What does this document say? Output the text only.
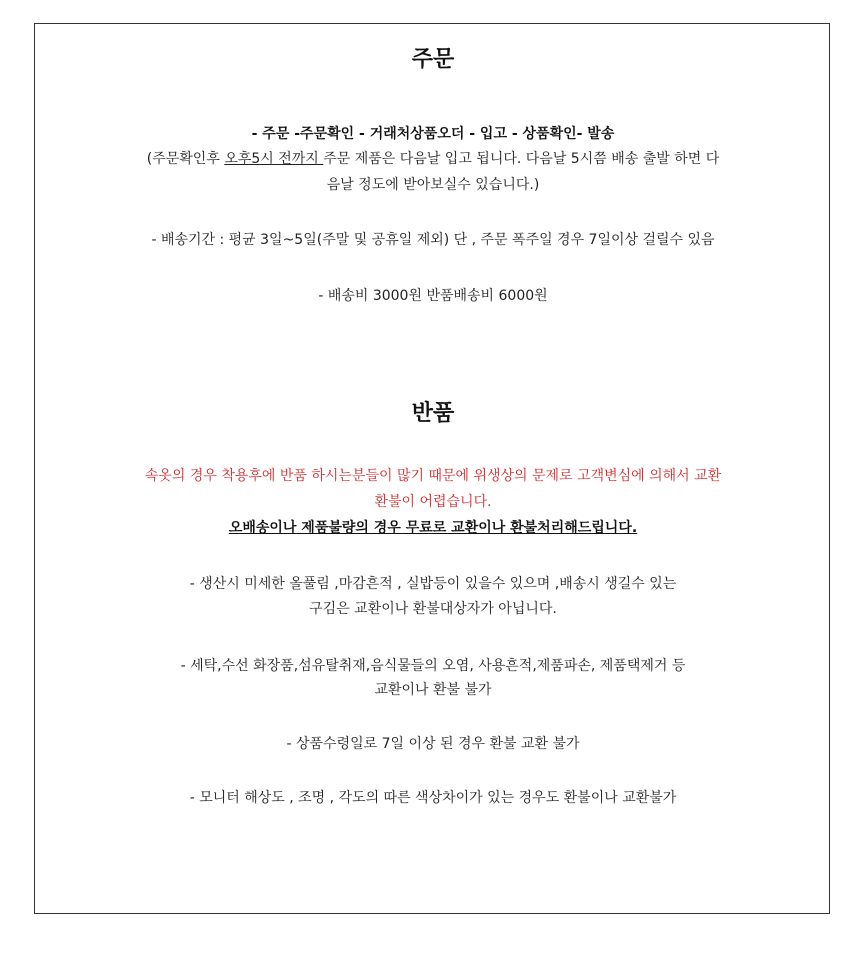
주문
- 주문 -주문확인 - 거래처상품오더 - 입고 - 상품확인- 발송
(주문확인후 오후5시 전까지 주문 제품은 다음날 입고 됩니다. 다음날 5시쯤 배송 출발 하면 다
음날 정도에 받아보실수 있습니다.)
- 배송기간 : 평균 3일~5일(주말 및 공휴일 제외) 단 , 주문 폭주일 경우 7일이상 걸릴수 있음
- 배송비 3000원 반품배송비 6000원
반품
속옷의 경우 착용후에 반품 하시는분들이 많기 때문에 위생상의 문제로 고객변심에 의해서 교환
환불이 어렵습니다.
오배송이나 제품불량의 경우 무료로 교환이나 환불처리해드립니다.
- 생산시 미세한 올풀림 ,마감흔적 , 실밥등이 있을수 있으며 ,배송시 생길수 있는
구김은 교환이나 환불대상자가 아닙니다.
- 세탁,수선 화장품,섬유탈취재,음식물들의 오염, 사용흔적,제품파손, 제품택제거 등
교환이나 환불 불가
- 상품수령일로 7일 이상 된 경우 환불 교환 불가
- 모니터 해상도 , 조명 , 각도의 따른 색상차이가 있는 경우도 환불이나 교환불가
